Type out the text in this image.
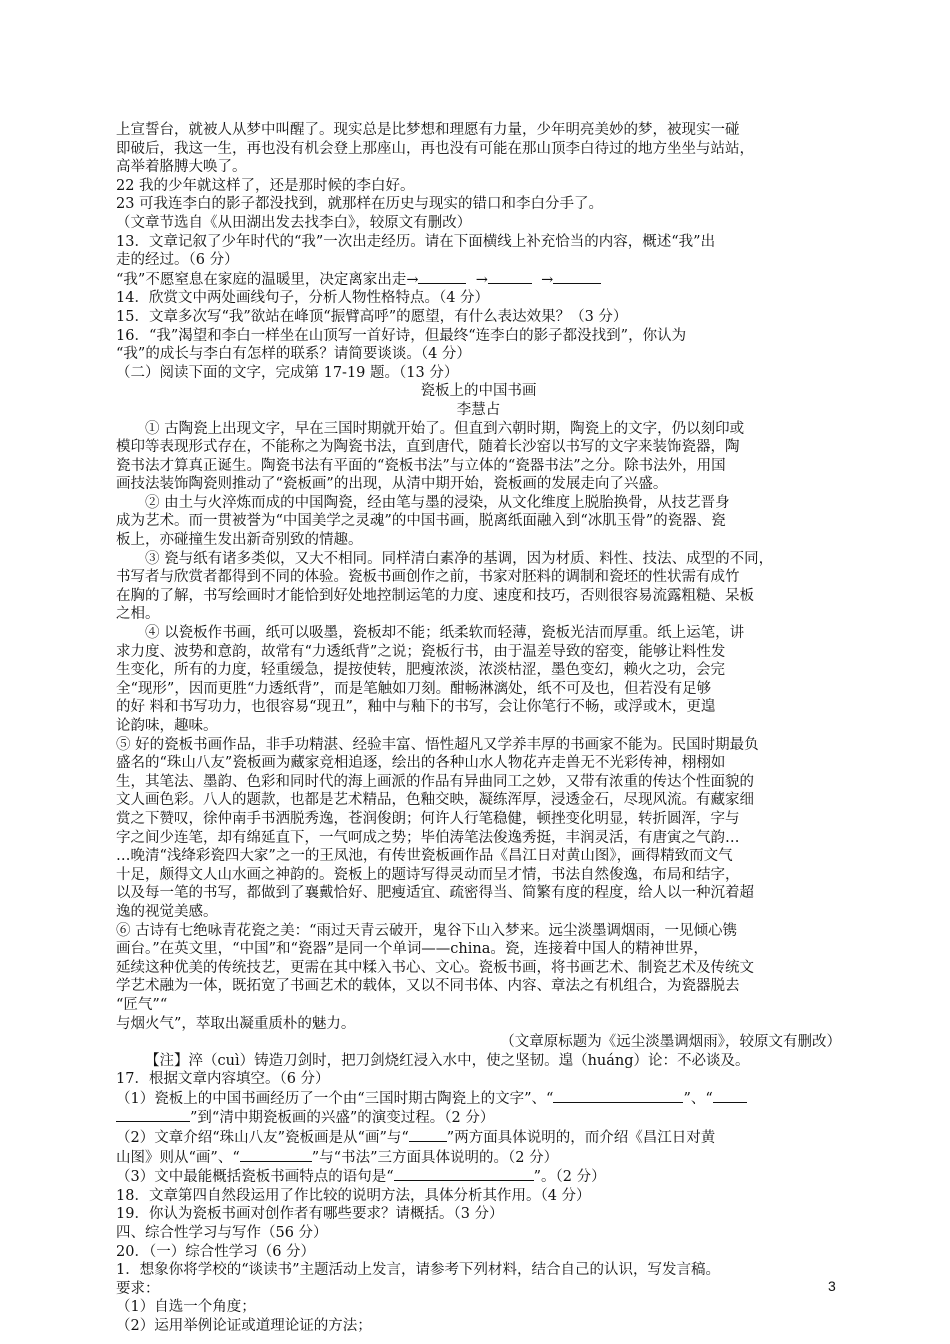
上宣誓台，就被人从梦中叫醒了。现实总是比梦想和理愿有力量，少年明亮美妙的梦，被现实一碰

即破后，我这一生，再也没有机会登上那座山，再也没有可能在那山顶李白待过的地方坐坐与站站，

高举着胳膊大唤了。

22 我的少年就这样了，还是那时候的李白好。

23 可我连李白的影子都没找到，就那样在历史与现实的错口和李白分手了。

（文章节选自《从田湖出发去找李白》，较原文有删改）

13．文章记叙了少年时代的“我”一次出走经历。请在下面横线上补充恰当的内容，概述“我”出

走的经过。（6 分）

“我”不愿窒息在家庭的温暖里，决定离家出走→	→	→

14．欣赏文中两处画线句子，分析人物性格特点。（4 分）

15．文章多次写“我”欲站在峰顶“振臂高呼”的愿望，有什么表达效果？（3 分）

16．“我”渴望和李白一样坐在山顶写一首好诗，但最终“连李白的影子都没找到”，你认为

“我”的成长与李白有怎样的联系？请简要谈谈。（4 分）

（二）阅读下面的文字，完成第 17-19 题。（13 分）

瓷板上的中国书画

李慧占

① 古陶瓷上出现文字，早在三国时期就开始了。但直到六朝时期，陶瓷上的文字，仍以刻印或

模印等表现形式存在，不能称之为陶瓷书法，直到唐代，随着长沙窑以书写的文字来装饰瓷器，陶

瓷书法才算真正诞生。陶瓷书法有平面的“瓷板书法”与立体的“瓷器书法”之分。除书法外，用国

画技法装饰陶瓷则推动了“瓷板画”的出现，从清中期开始，瓷板画的发展走向了兴盛。

② 由土与火淬炼而成的中国陶瓷，经由笔与墨的浸染，从文化维度上脱胎换骨，从技艺晋身

成为艺术。而一贯被誉为“中国美学之灵魂”的中国书画，脱离纸面融入到“冰肌玉骨”的瓷器、瓷

板上，亦碰撞生发出新奇别致的情趣。

③ 瓷与纸有诸多类似，又大不相同。同样清白素净的基调，因为材质、料性、技法、成型的不同，

书写者与欣赏者都得到不同的体验。瓷板书画创作之前，书家对胚料的调制和瓷坯的性状需有成竹

在胸的了解，书写绘画时才能恰到好处地控制运笔的力度、速度和技巧，否则很容易流露粗糙、呆板

之相。

④ 以瓷板作书画，纸可以吸墨，瓷板却不能；纸柔软而轻薄，瓷板光洁而厚重。纸上运笔，讲

求力度、波势和意韵，故常有“力透纸背”之说；瓷板行书，由于温差导致的窑变，能够让料性发

生变化，所有的力度，轻重缓急，提按使转，肥瘦浓淡，浓淡枯涩，墨色变幻，赖火之功，会完

全“现形”，因而更胜“力透纸背”，而是笔触如刀刻。酣畅淋漓处，纸不可及也，但若没有足够

的好 料和书写功力，也很容易“现丑”，釉中与釉下的书写，会让你笔行不畅，或浮或木，更遑

论韵味，趣味。

⑤ 好的瓷板书画作品，非手功精湛、经验丰富、悟性超凡又学养丰厚的书画家不能为。民国时期最负

盛名的“珠山八友”瓷板画为藏家竞相追逐，绘出的各种山水人物花卉走兽无不光彩传神，栩栩如

生，其笔法、墨韵、色彩和同时代的海上画派的作品有异曲同工之妙，又带有浓重的传达个性面貌的

文人画色彩。八人的题款，也都是艺术精品，色釉交映，凝练浑厚，浸透金石，尽现风流。有藏家细

赏之下赞叹，徐仲南手书洒脱秀逸，苍润俊朗；何许人行笔稳健，顿挫变化明显，转折圆浑，字与

字之间少连笔，却有绵延直下，一气呵成之势；毕伯涛笔法俊逸秀挺，丰润灵活，有唐寅之气韵…

…晚清“浅绛彩瓷四大家”之一的王凤池，有传世瓷板画作品《昌江日对黄山图》，画得精致而文气

十足，颇得文人山水画之神韵的。瓷板上的题诗写得灵动而呈才情，书法自然俊逸，布局和结字，

以及每一笔的书写，都做到了襄戴恰好、肥瘦适宜、疏密得当、简繁有度的程度，给人以一种沉着超

逸的视觉美感。

⑥ 古诗有七绝咏青花瓷之美：“雨过天青云破开，鬼谷下山入梦来。远尘淡墨调烟雨，一见倾心镌

画台。”在英文里，“中国”和“瓷器”是同一个单词——china。瓷，连接着中国人的精神世界，

延续这种优美的传统技艺，更需在其中糅入书心、文心。瓷板书画，将书画艺术、制瓷艺术及传统文

学艺术融为一体，既拓宽了书画艺术的载体，又以不同书体、内容、章法之有机组合，为瓷器脱去

“匠气”“

与烟火气”，萃取出凝重质朴的魅力。

（文章原标题为《远尘淡墨调烟雨》，较原文有删改）

【注】淬（cuì）铸造刀剑时，把刀剑烧红浸入水中，使之坚韧。遑（huáng）论：不必谈及。

17．根据文章内容填空。（6 分）

（1）瓷板上的中国书画经历了一个由“三国时期古陶瓷上的文字”、“	”、“

”到“清中期瓷板画的兴盛”的演变过程。（2 分）

（2）文章介绍“珠山八友”瓷板画是从“画”与“	”两方面具体说明的，而介绍《昌江日对黄

山图》则从“画”、“	”与“书法”三方面具体说明的。（2 分）

（3）文中最能概括瓷板书画特点的语句是“	”。（2 分）

18．文章第四自然段运用了作比较的说明方法，具体分析其作用。（4 分）

19．你认为瓷板书画对创作者有哪些要求？请概括。（3 分）

四、综合性学习与写作（56 分）

20．（一）综合性学习（6 分）

1．想象你将学校的“谈读书”主题活动上发言，请参考下列材料，结合自己的认识，写发言稿。

要求：

（1）自选一个角度；

（2）运用举例论证或道理论证的方法；

3
